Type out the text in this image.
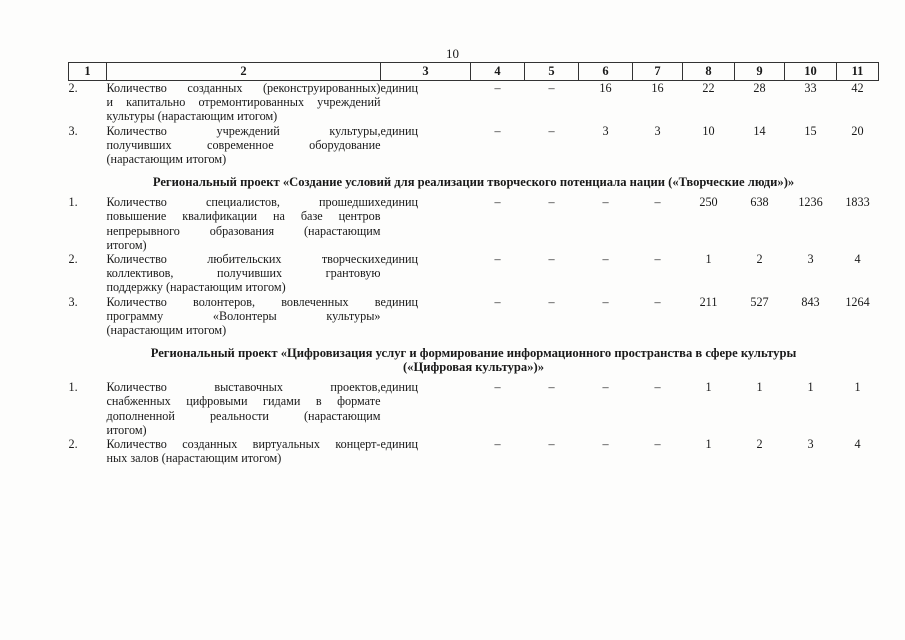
10
1	2	3	4	5	6	7	8	9	10	11
2.	Количество созданных (реконструированных)
и капитально отремонтированных учреждений
культуры (нарастающим итогом)	единиц	–	–	16	16	22	28	33	42
3.	Количество учреждений культуры,
получивших современное оборудование
(нарастающим итогом)	единиц	–	–	3	3	10	14	15	20
Региональный проект «Создание условий для реализации творческого потенциала нации («Творческие люди»)»										
1.	Количество специалистов, прошедших
повышение квалификации на базе центров
непрерывного образования (нарастающим
итогом)	единиц	–	–	–	–	250	638	1236	1833
2.	Количество любительских творческих
коллективов, получивших грантовую
поддержку (нарастающим итогом)	единиц	–	–	–	–	1	2	3	4
3.	Количество волонтеров, вовлеченных в
программу «Волонтеры культуры»
(нарастающим итогом)	единиц	–	–	–	–	211	527	843	1264

Региональный проект «Цифровизация услуг и формирование информационного пространства в сфере культуры
(«Цифровая культура»)»										

1.	Количество выставочных проектов,
снабженных цифровыми гидами в формате
дополненной реальности (нарастающим
итогом)	единиц	–	–	–	–	1	1	1	1
2.	Количество созданных виртуальных концерт-
ных залов (нарастающим итогом)	единиц	–	–	–	–	1	2	3	4
